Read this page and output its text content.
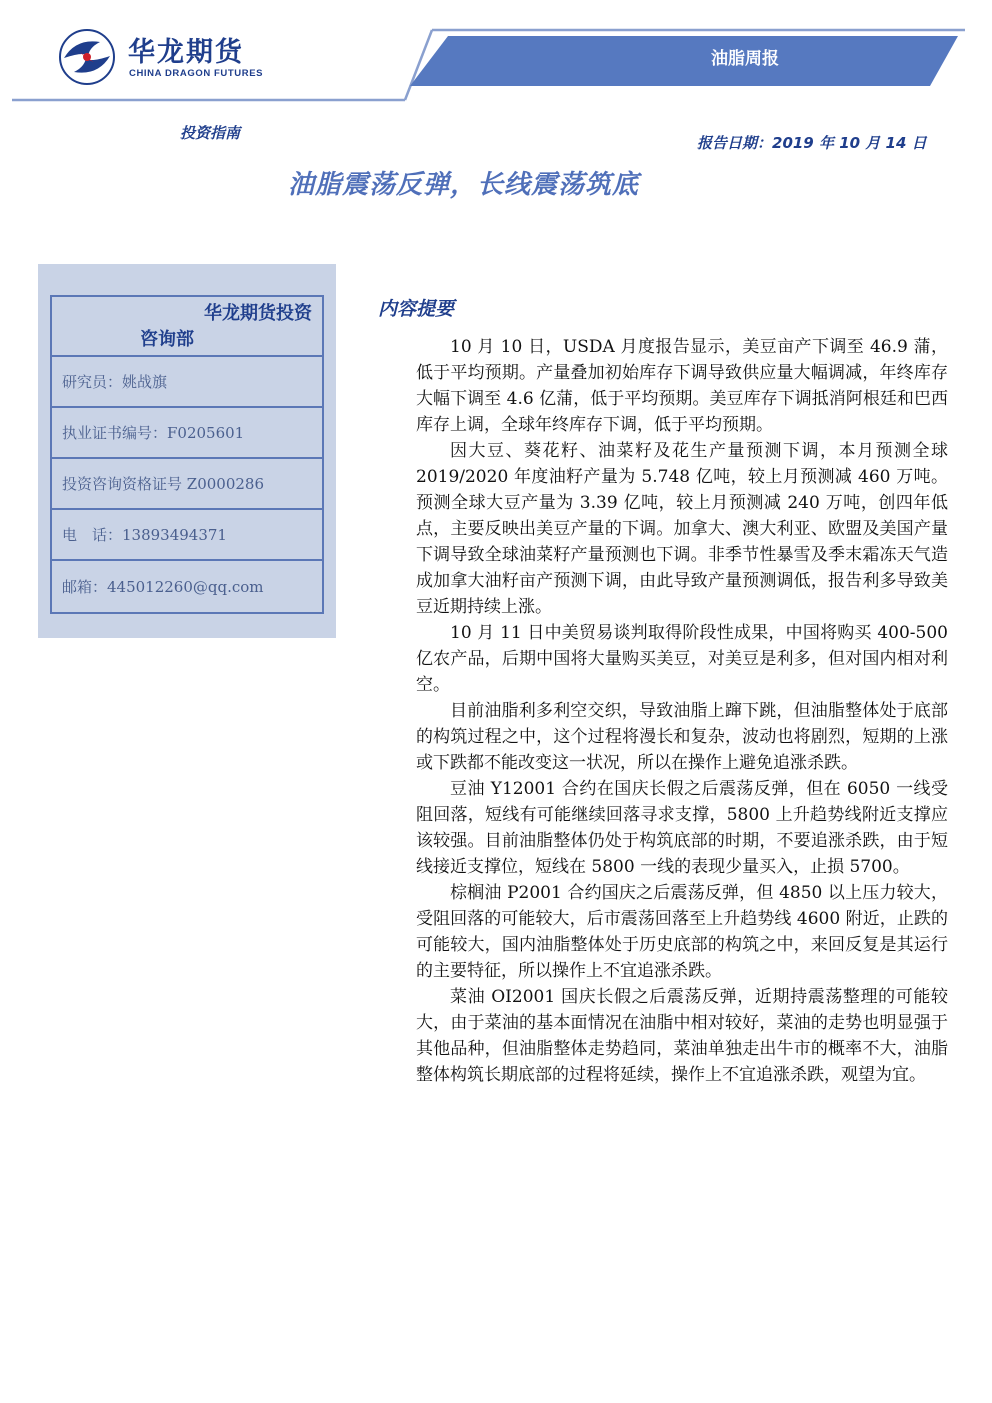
华龙期货
CHINA DRAGON FUTURES
油脂周报
投资指南
报告日期：2019 年 10 月 14 日
油脂震荡反弹，长线震荡筑底
华龙期货投资
咨询部
研究员：姚战旗
执业证书编号：F0205601
投资咨询资格证号 Z0000286
电　话：13893494371
邮箱：445012260@qq.com
内容提要

10 月 10 日，USDA 月度报告显示，美豆亩产下调至 46.9 蒲，低于平均预期。产量叠加初始库存下调导致供应量大幅调减，年终库存大幅下调至 4.6 亿蒲，低于平均预期。美豆库存下调抵消阿根廷和巴西库存上调，全球年终库存下调，低于平均预期。

因大豆、葵花籽、油菜籽及花生产量预测下调，本月预测全球 2019/2020 年度油籽产量为 5.748 亿吨，较上月预测减 460 万吨。预测全球大豆产量为 3.39 亿吨，较上月预测减 240 万吨，创四年低点，主要反映出美豆产量的下调。加拿大、澳大利亚、欧盟及美国产量下调导致全球油菜籽产量预测也下调。非季节性暴雪及季末霜冻天气造成加拿大油籽亩产预测下调，由此导致产量预测调低，报告利多导致美豆近期持续上涨。

10 月 11 日中美贸易谈判取得阶段性成果，中国将购买 400-500 亿农产品，后期中国将大量购买美豆，对美豆是利多，但对国内相对利空。

目前油脂利多利空交织，导致油脂上蹿下跳，但油脂整体处于底部的构筑过程之中，这个过程将漫长和复杂，波动也将剧烈，短期的上涨或下跌都不能改变这一状况，所以在操作上避免追涨杀跌。

豆油 Y12001 合约在国庆长假之后震荡反弹，但在 6050 一线受阻回落，短线有可能继续回落寻求支撑，5800 上升趋势线附近支撑应该较强。目前油脂整体仍处于构筑底部的时期，不要追涨杀跌，由于短线接近支撑位，短线在 5800 一线的表现少量买入，止损 5700。

棕榈油 P2001 合约国庆之后震荡反弹，但 4850 以上压力较大，受阻回落的可能较大，后市震荡回落至上升趋势线 4600 附近，止跌的可能较大，国内油脂整体处于历史底部的构筑之中，来回反复是其运行的主要特征，所以操作上不宜追涨杀跌。

菜油 OI2001 国庆长假之后震荡反弹，近期持震荡整理的可能较大，由于菜油的基本面情况在油脂中相对较好，菜油的走势也明显强于其他品种，但油脂整体走势趋同，菜油单独走出牛市的概率不大，油脂整体构筑长期底部的过程将延续，操作上不宜追涨杀跌，观望为宜。
